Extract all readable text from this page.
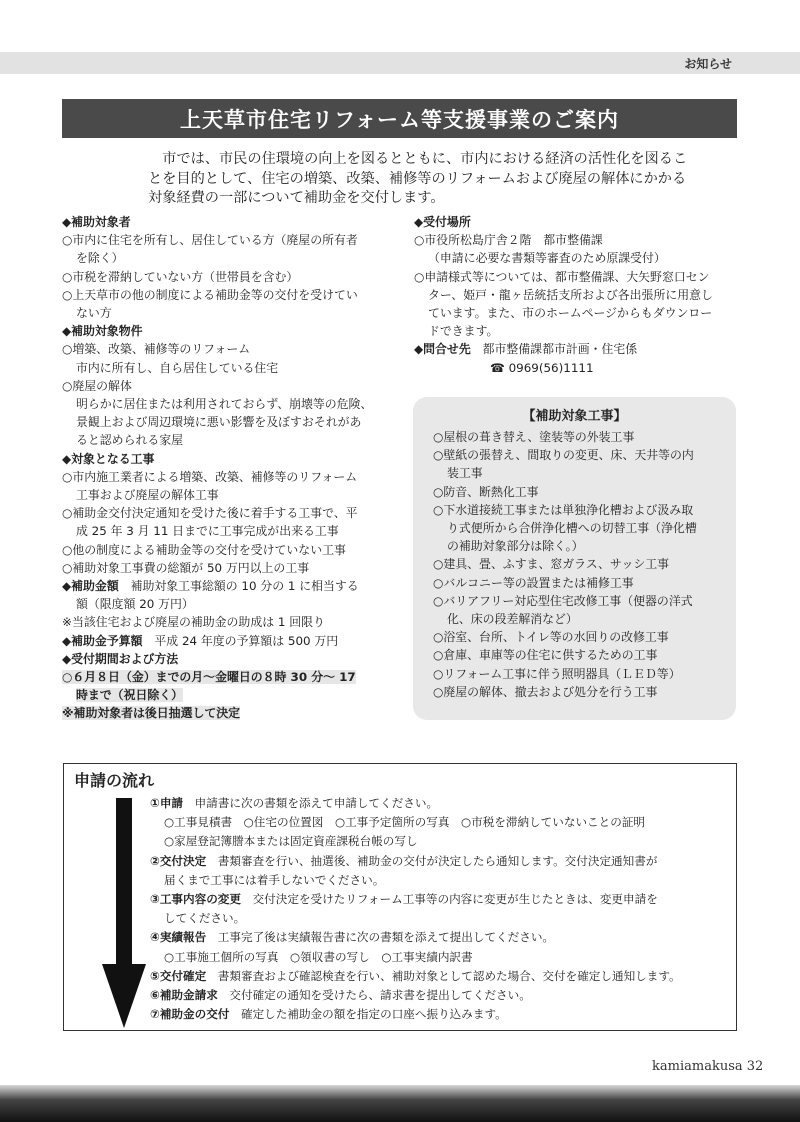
お知らせ
上天草市住宅リフォーム等支援事業のご案内
　市では、市民の住環境の向上を図るとともに、市内における経済の活性化を図ることを目的として、住宅の増築、改築、補修等のリフォームおよび廃屋の解体にかかる対象経費の一部について補助金を交付します。
◆補助対象者
○市内に住宅を所有し、居住している方（廃屋の所有者
を除く）
○市税を滞納していない方（世帯員を含む）
○上天草市の他の制度による補助金等の交付を受けてい
ない方
◆補助対象物件
○増築、改築、補修等のリフォーム
市内に所有し、自ら居住している住宅
○廃屋の解体
明らかに居住または利用されておらず、崩壊等の危険、
景観上および周辺環境に悪い影響を及ぼすおそれがあ
ると認められる家屋
◆対象となる工事
○市内施工業者による増築、改築、補修等のリフォーム
工事および廃屋の解体工事
○補助金交付決定通知を受けた後に着手する工事で、平
成 25 年 3 月 11 日までに工事完成が出来る工事
○他の制度による補助金等の交付を受けていない工事
○補助対象工事費の総額が 50 万円以上の工事
◆補助金額　補助対象工事総額の 10 分の 1 に相当する
額（限度額 20 万円）
※当該住宅および廃屋の補助金の助成は 1 回限り
◆補助金予算額　平成 24 年度の予算額は 500 万円
◆受付期間および方法
○６月８日（金）までの月～金曜日の８時 30 分～ 17
時まで（祝日除く）
※補助対象者は後日抽選して決定
◆受付場所
○市役所松島庁舎２階　都市整備課
（申請に必要な書類等審査のため原課受付）
○申請様式等については、都市整備課、大矢野窓口セン
ター、姫戸・龍ヶ岳統括支所および各出張所に用意し
ています。また、市のホームページからもダウンロー
ドできます。
◆問合せ先　都市整備課都市計画・住宅係
☎ 0969(56)1111
【補助対象工事】
○屋根の葺き替え、塗装等の外装工事
○壁紙の張替え、間取りの変更、床、天井等の内
装工事
○防音、断熱化工事
○下水道接続工事または単独浄化槽および汲み取
り式便所から合併浄化槽への切替工事（浄化槽
の補助対象部分は除く。）
○建具、畳、ふすま、窓ガラス、サッシ工事
○バルコニー等の設置または補修工事
○バリアフリー対応型住宅改修工事（便器の洋式
化、床の段差解消など）
○浴室、台所、トイレ等の水回りの改修工事
○倉庫、車庫等の住宅に供するための工事
○リフォーム工事に伴う照明器具（ＬＥＤ等）
○廃屋の解体、撤去および処分を行う工事
申請の流れ
①申請　申請書に次の書類を添えて申請してください。
○工事見積書　○住宅の位置図　○工事予定箇所の写真　○市税を滞納していないことの証明
○家屋登記簿謄本または固定資産課税台帳の写し
②交付決定　書類審査を行い、抽選後、補助金の交付が決定したら通知します。交付決定通知書が
届くまで工事には着手しないでください。
③工事内容の変更　交付決定を受けたリフォーム工事等の内容に変更が生じたときは、変更申請を
してください。
④実績報告　工事完了後は実績報告書に次の書類を添えて提出してください。
○工事施工個所の写真　○領収書の写し　○工事実績内訳書
⑤交付確定　書類審査および確認検査を行い、補助対象として認めた場合、交付を確定し通知します。
⑥補助金請求　交付確定の通知を受けたら、請求書を提出してください。
⑦補助金の交付　確定した補助金の額を指定の口座へ振り込みます。
kamiamakusa 32
